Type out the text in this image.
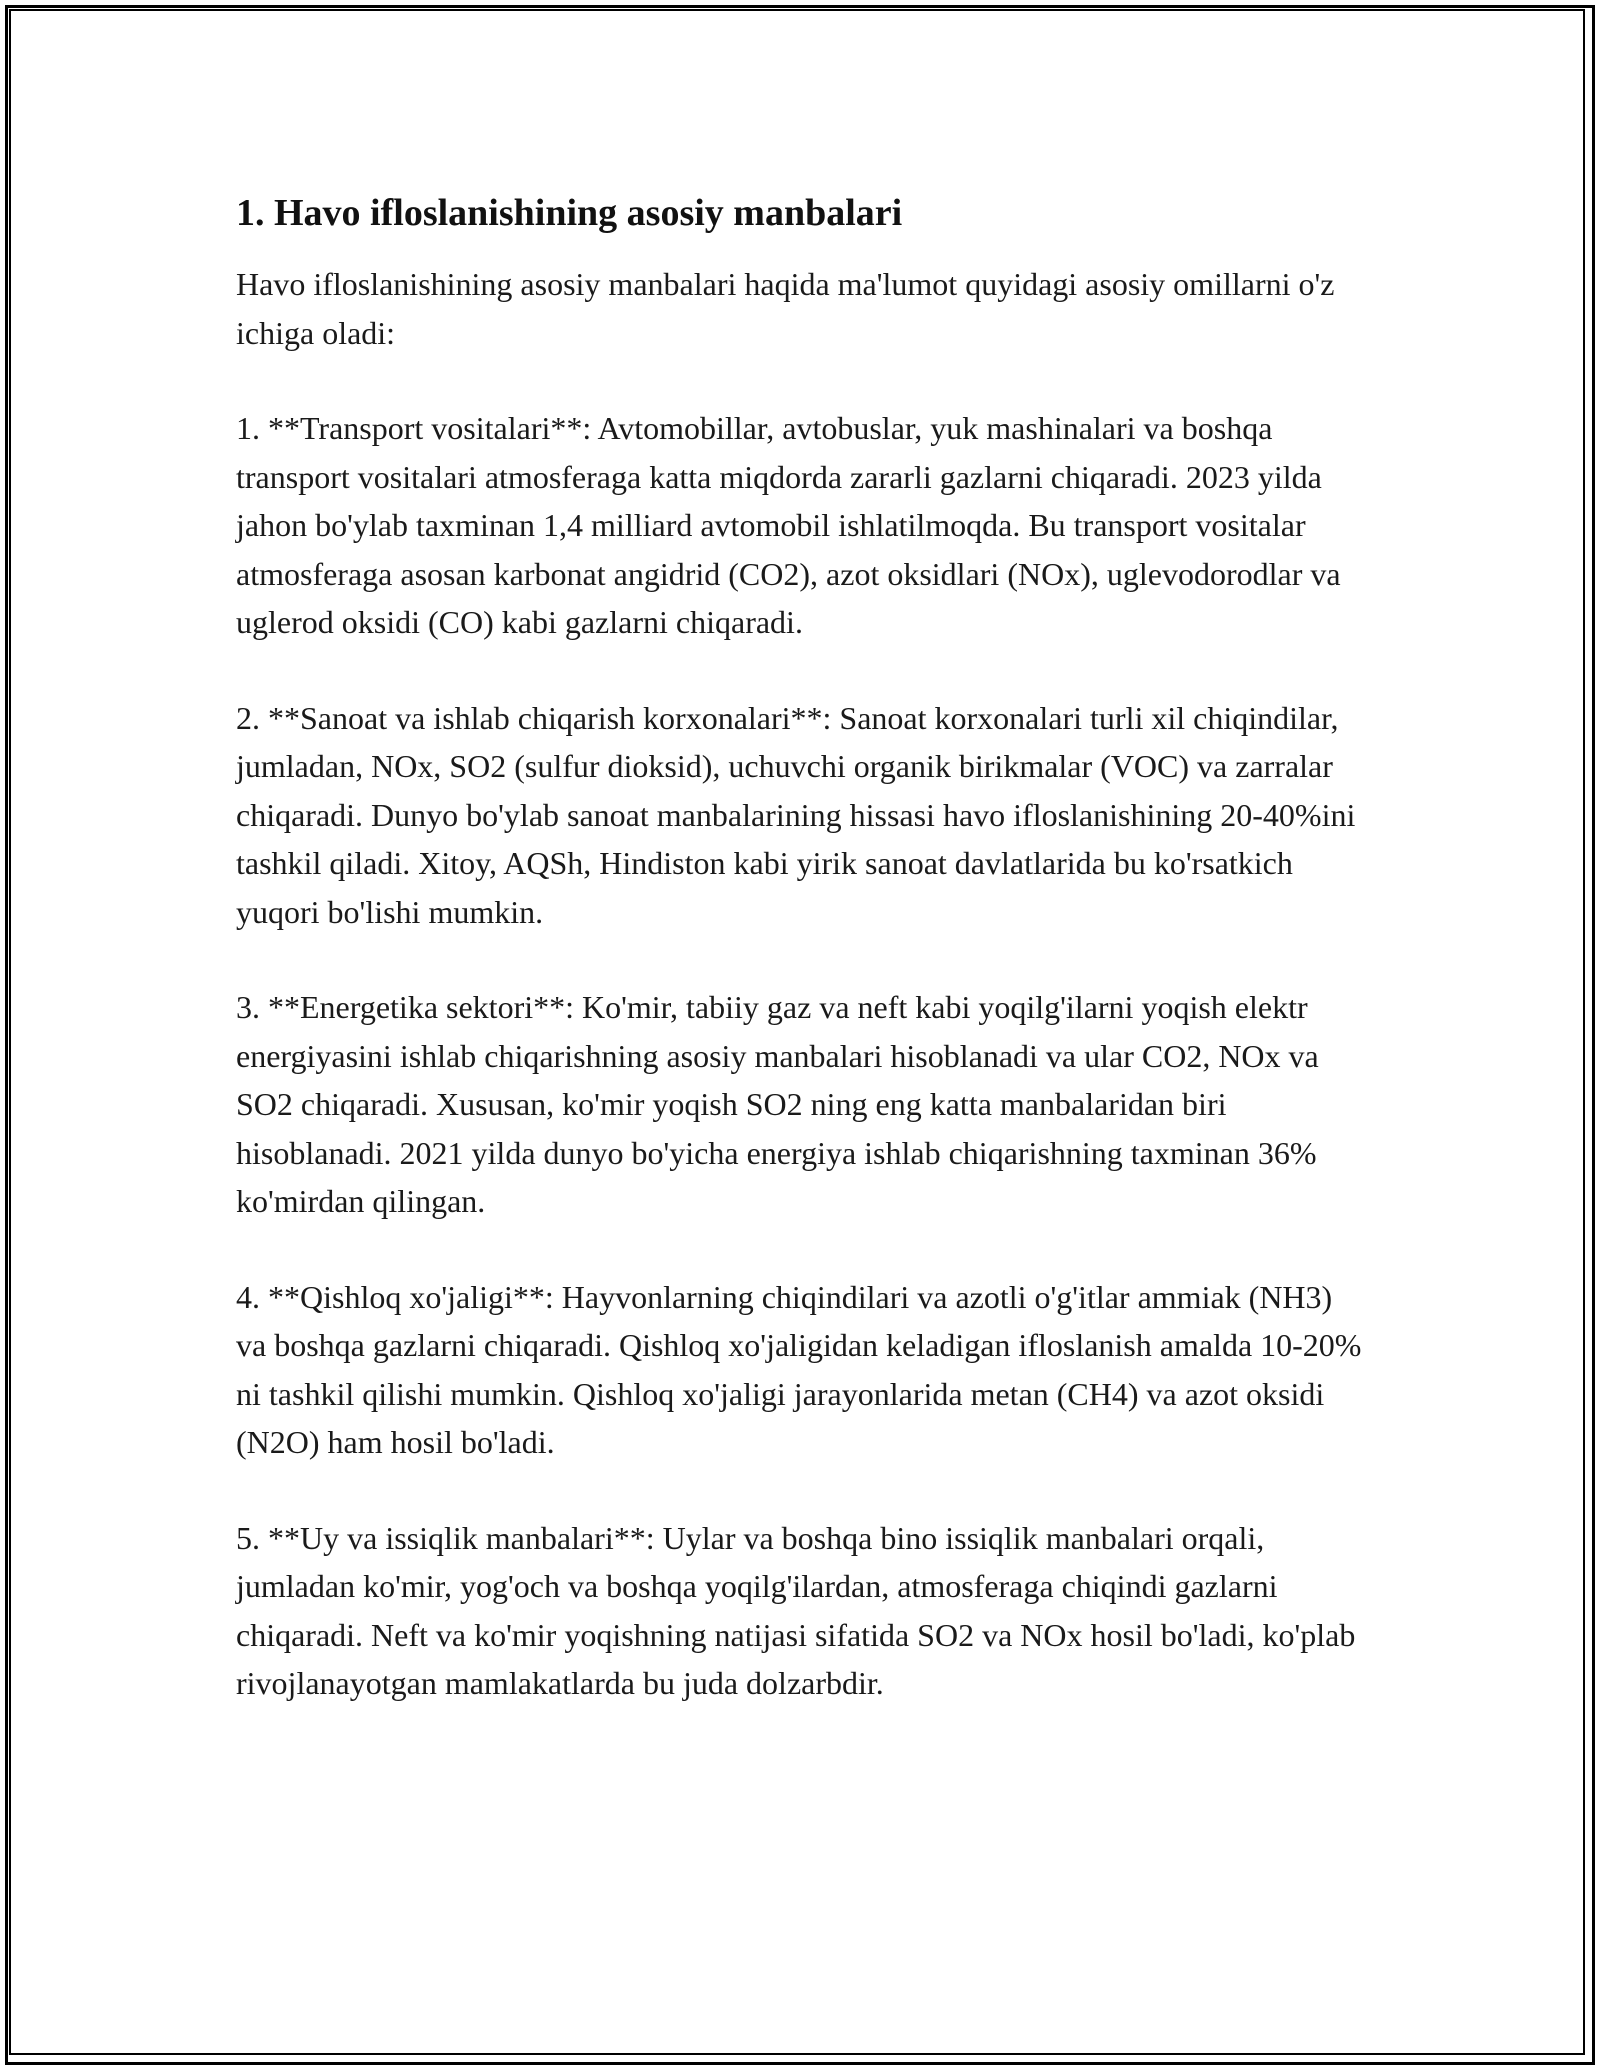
1. Havo ifloslanishining asosiy manbalari

Havo ifloslanishining asosiy manbalari haqida ma'lumot quyidagi asosiy omillarni o'z ichiga oladi:

1. **Transport vositalari**: Avtomobillar, avtobuslar, yuk mashinalari va boshqa transport vositalari atmosferaga katta miqdorda zararli gazlarni chiqaradi. 2023 yilda jahon bo'ylab taxminan 1,4 milliard avtomobil ishlatilmoqda. Bu transport vositalar atmosferaga asosan karbonat angidrid (CO2), azot oksidlari (NOx), uglevodorodlar va uglerod oksidi (CO) kabi gazlarni chiqaradi.

2. **Sanoat va ishlab chiqarish korxonalari**: Sanoat korxonalari turli xil chiqindilar, jumladan, NOx, SO2 (sulfur dioksid), uchuvchi organik birikmalar (VOC) va zarralar chiqaradi. Dunyo bo'ylab sanoat manbalarining hissasi havo ifloslanishining 20-40%ini tashkil qiladi. Xitoy, AQSh, Hindiston kabi yirik sanoat davlatlarida bu ko'rsatkich yuqori bo'lishi mumkin.

3. **Energetika sektori**: Ko'mir, tabiiy gaz va neft kabi yoqilg'ilarni yoqish elektr energiyasini ishlab chiqarishning asosiy manbalari hisoblanadi va ular CO2, NOx va SO2 chiqaradi. Xususan, ko'mir yoqish SO2 ning eng katta manbalaridan biri hisoblanadi. 2021 yilda dunyo bo'yicha energiya ishlab chiqarishning taxminan 36% ko'mirdan qilingan.

4. **Qishloq xo'jaligi**: Hayvonlarning chiqindilari va azotli o'g'itlar ammiak (NH3) va boshqa gazlarni chiqaradi. Qishloq xo'jaligidan keladigan ifloslanish amalda 10-20% ni tashkil qilishi mumkin. Qishloq xo'jaligi jarayonlarida metan (CH4) va azot oksidi (N2O) ham hosil bo'ladi.

5. **Uy va issiqlik manbalari**: Uylar va boshqa bino issiqlik manbalari orqali, jumladan ko'mir, yog'och va boshqa yoqilg'ilardan, atmosferaga chiqindi gazlarni chiqaradi. Neft va ko'mir yoqishning natijasi sifatida SO2 va NOx hosil bo'ladi, ko'plab rivojlanayotgan mamlakatlarda bu juda dolzarbdir.
